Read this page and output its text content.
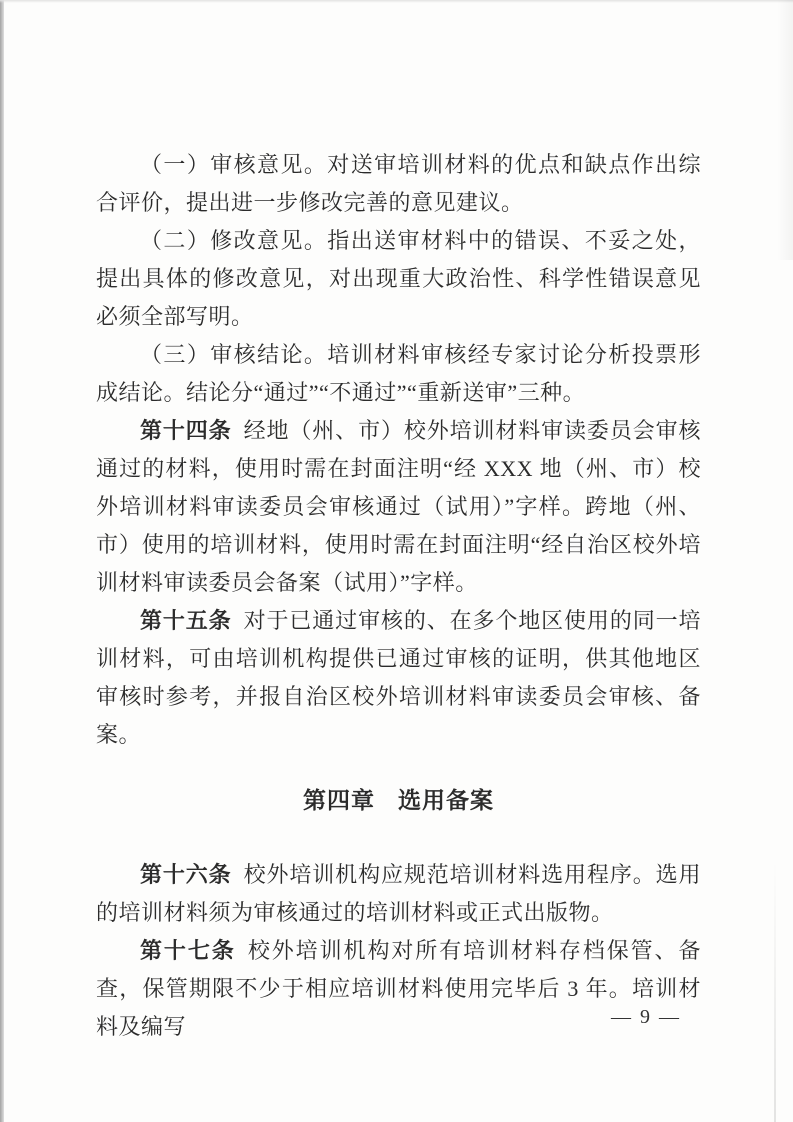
（一）审核意见。对送审培训材料的优点和缺点作出综合评价，提出进一步修改完善的意见建议。

（二）修改意见。指出送审材料中的错误、不妥之处，提出具体的修改意见，对出现重大政治性、科学性错误意见必须全部写明。

（三）审核结论。培训材料审核经专家讨论分析投票形成结论。结论分“通过”“不通过”“重新送审”三种。

第十四条 经地（州、市）校外培训材料审读委员会审核通过的材料，使用时需在封面注明“经 XXX 地（州、市）校外培训材料审读委员会审核通过（试用）”字样。跨地（州、市）使用的培训材料，使用时需在封面注明“经自治区校外培训材料审读委员会备案（试用）”字样。

第十五条 对于已通过审核的、在多个地区使用的同一培训材料，可由培训机构提供已通过审核的证明，供其他地区审核时参考，并报自治区校外培训材料审读委员会审核、备案。

第四章 选用备案

第十六条 校外培训机构应规范培训材料选用程序。选用的培训材料须为审核通过的培训材料或正式出版物。

第十七条 校外培训机构对所有培训材料存档保管、备查，保管期限不少于相应培训材料使用完毕后 3 年。培训材料及编写	— 9 —
